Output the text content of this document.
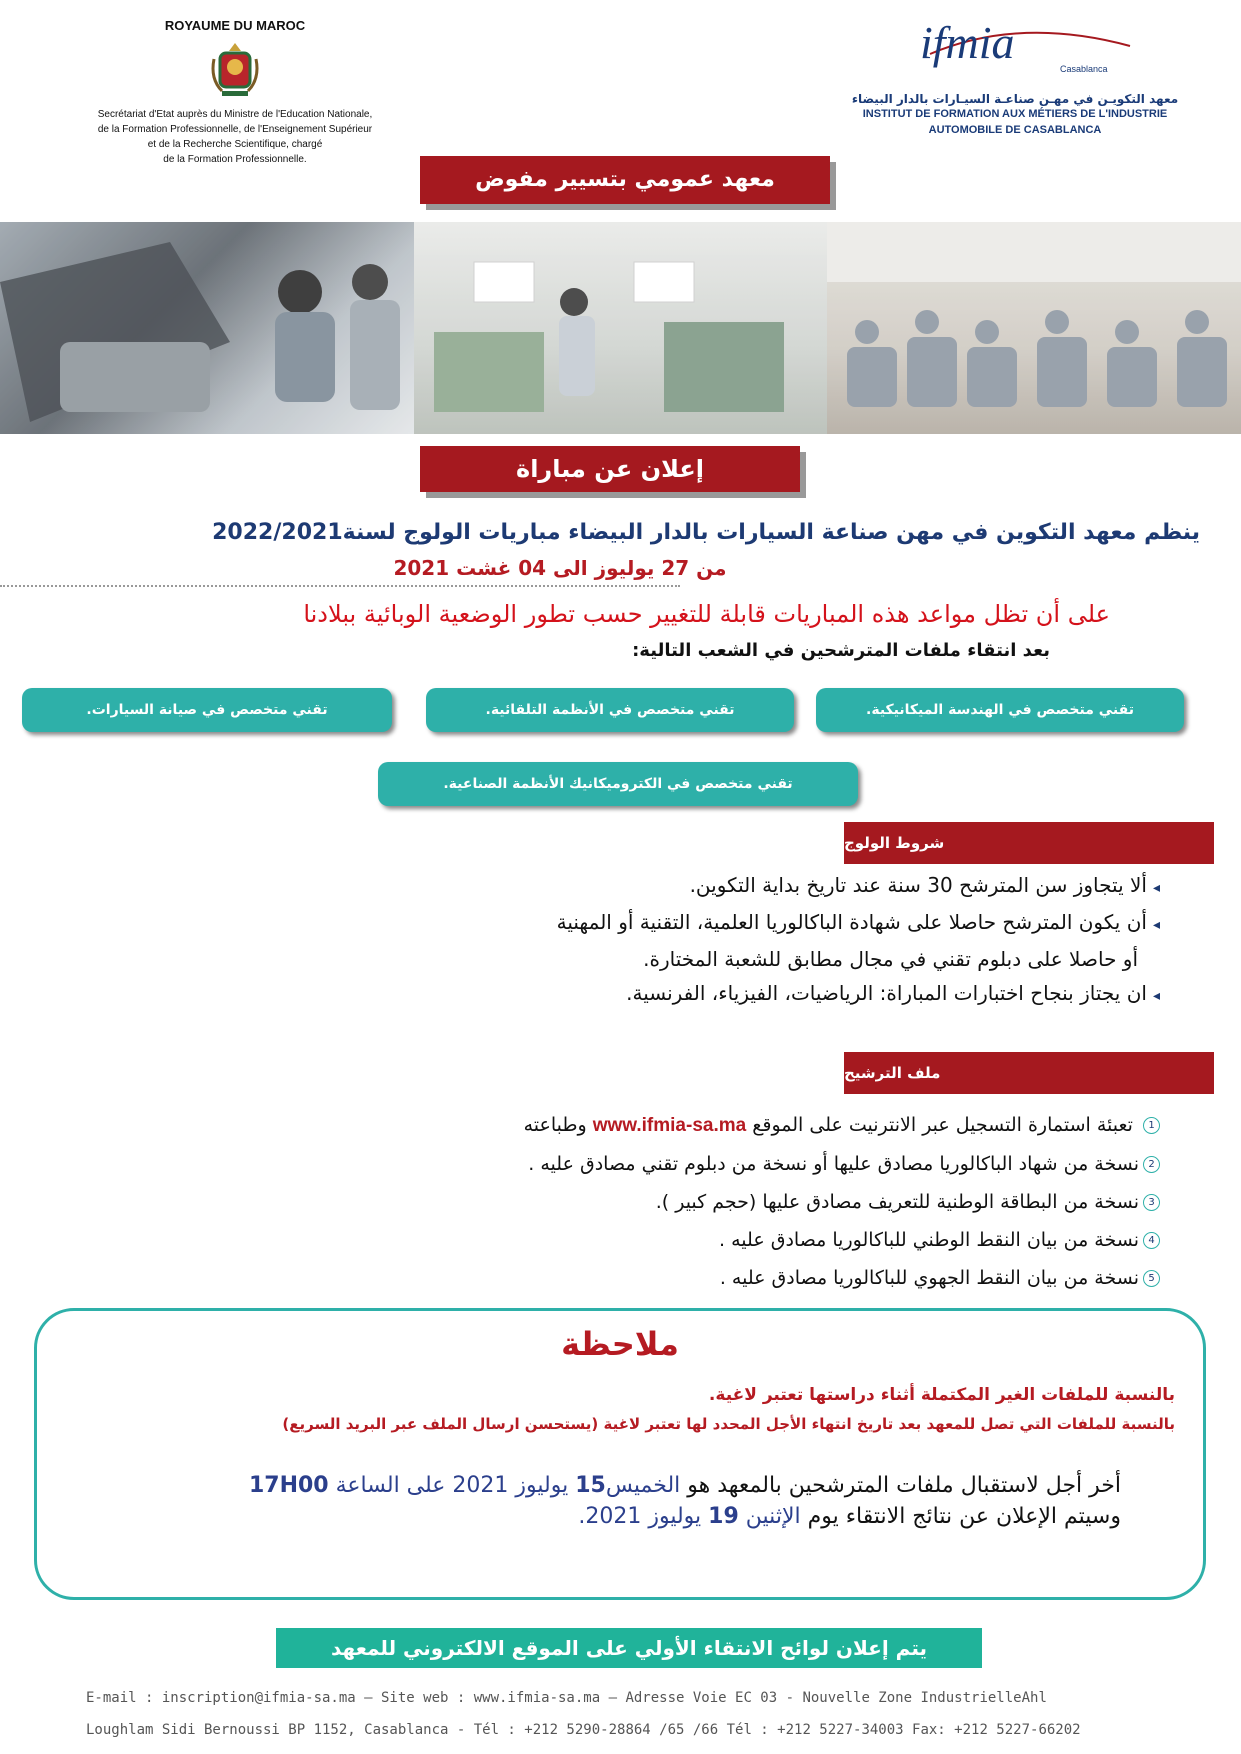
ROYAUME DU MAROC
Secrétariat d'Etat auprès du Ministre de l'Education Nationale,
de la Formation Professionnelle, de l'Enseignement Supérieur
et de la Recherche Scientifique, chargé
de la Formation Professionnelle.
ifmia
Casablanca
معهد التكويـن في مهـن صناعـة السيـارات بالدار البيضاء
INSTITUT DE FORMATION AUX MÉTIERS DE L'INDUSTRIE
AUTOMOBILE DE CASABLANCA
معهد عمومي بتسيير مفوض
إعلان عن مباراة
ينظم معهد التكوين في مهن صناعة السيارات بالدار البيضاء مباريات الولوج لسنة2022/2021
من 27 يوليوز الى 04 غشت 2021
على أن تظل مواعد هذه المباريات قابلة للتغيير حسب تطور الوضعية الوبائية ببلادنا
بعد انتقاء ملفات المترشحين في الشعب التالية:
تقني متخصص في الهندسة الميكانيكية.
تقني متخصص في الأنظمة التلقائية.
تقني متخصص في صيانة السيارات.
تقني متخصص في الكتروميكانيك الأنظمة الصناعية.
شروط الولوج
◂ألا يتجاوز سن المترشح 30 سنة عند تاريخ بداية التكوين.
◂أن يكون المترشح حاصلا على شهادة الباكالوريا العلمية، التقنية أو المهنية
أو حاصلا على دبلوم تقني في مجال مطابق للشعبة المختارة.
◂ان يجتاز بنجاح اختبارات المباراة: الرياضيات، الفيزياء، الفرنسية.
ملف الترشيح
1 تعبئة استمارة التسجيل عبر الانترنيت على الموقع www.ifmia-sa.ma وطباعته
2نسخة من شهاد الباكالوريا مصادق عليها أو نسخة من دبلوم تقني مصادق عليه .
3نسخة من البطاقة الوطنية للتعريف مصادق عليها (حجم كبير ).
4نسخة من بيان النقط الوطني للباكالوريا مصادق عليه .
5نسخة من بيان النقط الجهوي للباكالوريا مصادق عليه .
ملاحظة
بالنسبة للملفات الغير المكتملة أثناء دراستها تعتبر لاغية.
بالنسبة للملفات التي تصل للمعهد بعد تاريخ انتهاء الأجل المحدد لها تعتبر لاغية (يستحسن ارسال الملف عبر البريد السريع)
أخر أجل لاستقبال ملفات المترشحين بالمعهد هو الخميس15 يوليوز 2021 على الساعة 17H00
وسيتم الإعلان عن نتائج الانتقاء يوم الإثنين 19 يوليوز 2021.
يتم إعلان لوائح الانتقاء الأولي على الموقع الالكتروني للمعهد
E-mail : inscription@ifmia-sa.ma – Site web : www.ifmia-sa.ma – Adresse Voie EC 03 - Nouvelle Zone IndustrielleAhl
Loughlam Sidi Bernoussi BP 1152, Casablanca - Tél : +212 5290-28864 /65 /66 Tél : +212 5227-34003 Fax: +212 5227-66202
